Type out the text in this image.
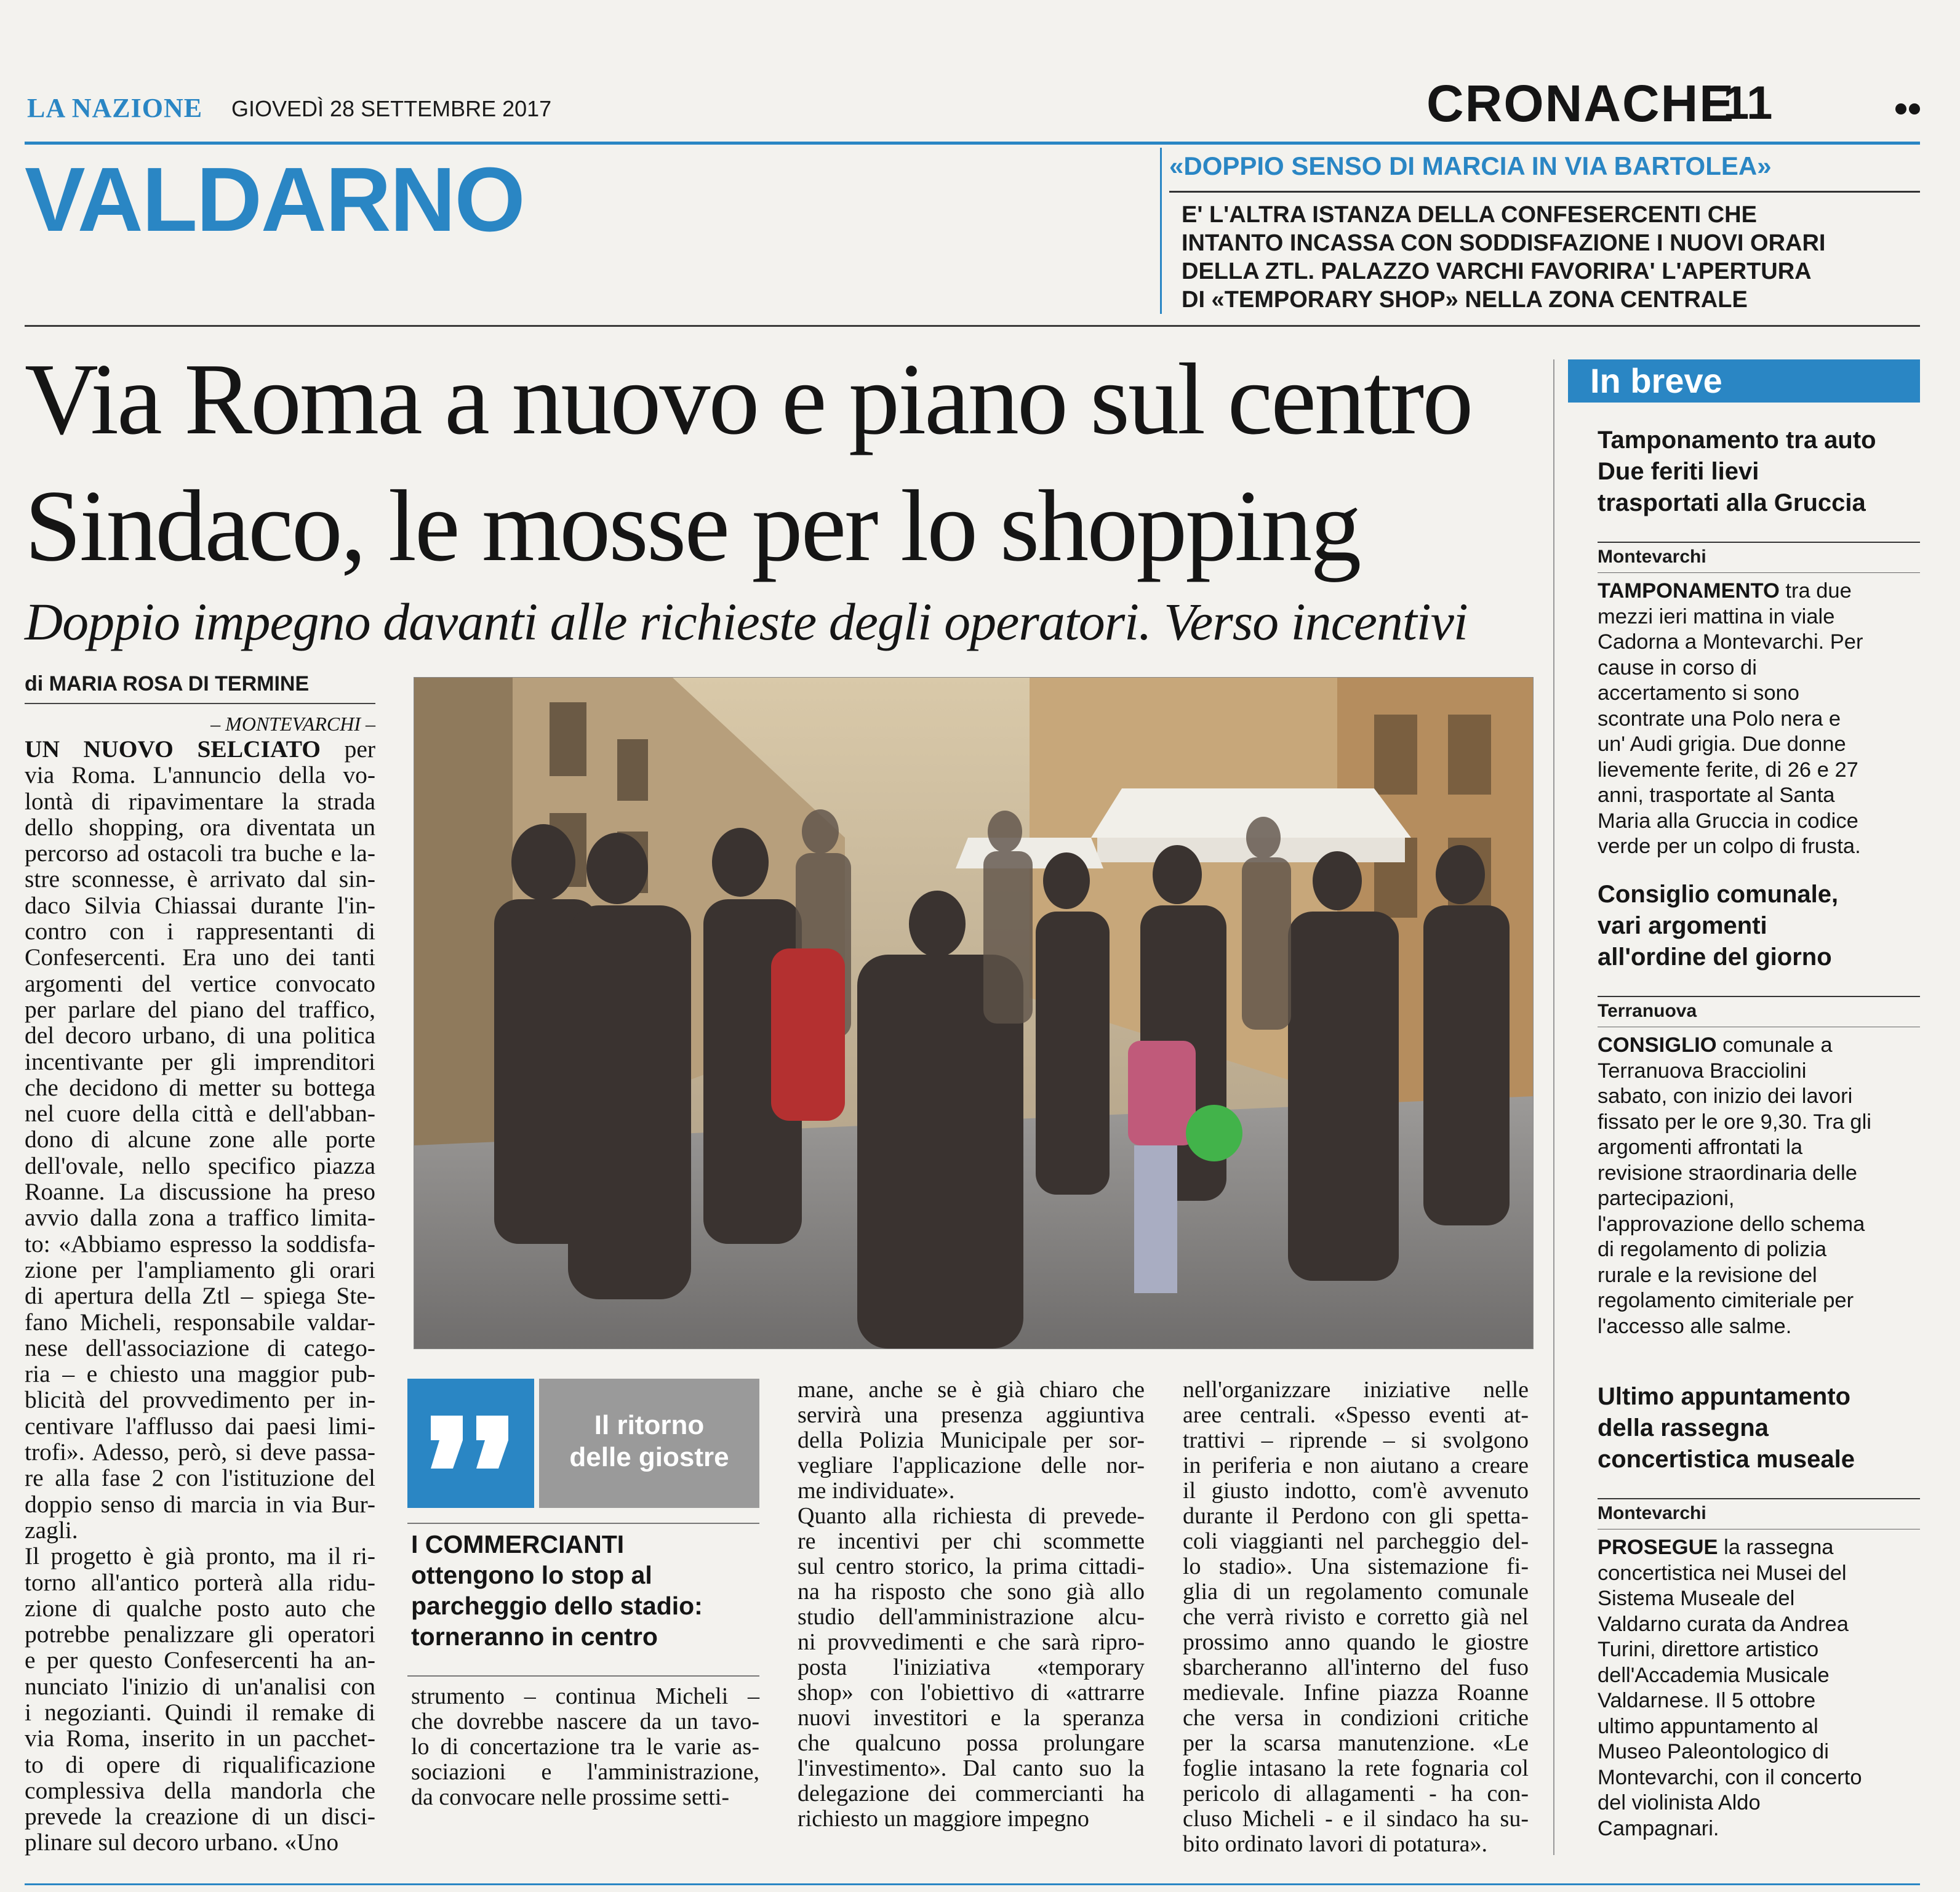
LA NAZIONE GIOVEDÌ 28 SETTEMBRE 2017	CRONACHE
11
VALDARNO	«DOPPIO SENSO DI MARCIA IN VIA BARTOLEA»
E' L'ALTRA ISTANZA DELLA CONFESERCENTI CHE
INTANTO INCASSA CON SODDISFAZIONE I NUOVI ORARI
DELLA ZTL. PALAZZO VARCHI FAVORIRA' L'APERTURA
DI «TEMPORARY SHOP» NELLA ZONA CENTRALE
Via Roma a nuovo e piano sul centro
Sindaco, le mosse per lo shopping
Doppio impegno davanti alle richieste degli operatori. Verso incentivi
di MARIA ROSA DI TERMINE
– MONTEVARCHI –
UN NUOVO SELCIATO per
via Roma. L'annuncio della vo-
lontà di ripavimentare la strada
dello shopping, ora diventata un
percorso ad ostacoli tra buche e la-
stre sconnesse, è arrivato dal sin-
daco Silvia Chiassai durante l'in-
contro con i rappresentanti di
Confesercenti. Era uno dei tanti
argomenti del vertice convocato
per parlare del piano del traffico,
del decoro urbano, di una politica
incentivante per gli imprenditori
che decidono di metter su bottega
nel cuore della città e dell'abban-
dono di alcune zone alle porte
dell'ovale, nello specifico piazza
Roanne. La discussione ha preso
avvio dalla zona a traffico limita-
to: «Abbiamo espresso la soddisfa-
zione per l'ampliamento gli orari
di apertura della Ztl – spiega Ste-
fano Micheli, responsabile valdar-
nese dell'associazione di catego-
ria – e chiesto una maggior pub-
blicità del provvedimento per in-
centivare l'afflusso dai paesi limi-
trofi». Adesso, però, si deve passa-
re alla fase 2 con l'istituzione del
doppio senso di marcia in via Bur-
zagli.
Il progetto è già pronto, ma il ri-
torno all'antico porterà alla ridu-
zione di qualche posto auto che
potrebbe penalizzare gli operatori
e per questo Confesercenti ha an-
nunciato l'inizio di un'analisi con
i negozianti. Quindi il remake di
via Roma, inserito in un pacchet-
to di opere di riqualificazione
complessiva della mandorla che
prevede la creazione di un disci-
plinare sul decoro urbano. «Uno
Il ritorno
delle giostre
I COMMERCIANTI
ottengono lo stop al
parcheggio dello stadio:
torneranno in centro
strumento – continua Micheli –
che dovrebbe nascere da un tavo-
lo di concertazione tra le varie as-
sociazioni e l'amministrazione,
da convocare nelle prossime setti-
mane, anche se è già chiaro che
servirà una presenza aggiuntiva
della Polizia Municipale per sor-
vegliare l'applicazione delle nor-
me individuate».
Quanto alla richiesta di prevede-
re incentivi per chi scommette
sul centro storico, la prima cittadi-
na ha risposto che sono già allo
studio dell'amministrazione alcu-
ni provvedimenti e che sarà ripro-
posta l'iniziativa «temporary
shop» con l'obiettivo di «attrarre
nuovi investitori e la speranza
che qualcuno possa prolungare
l'investimento». Dal canto suo la
delegazione dei commercianti ha
richiesto un maggiore impegno
nell'organizzare iniziative nelle
aree centrali. «Spesso eventi at-
trattivi – riprende – si svolgono
in periferia e non aiutano a creare
il giusto indotto, com'è avvenuto
durante il Perdono con gli spetta-
coli viaggianti nel parcheggio del-
lo stadio». Una sistemazione fi-
glia di un regolamento comunale
che verrà rivisto e corretto già nel
prossimo anno quando le giostre
sbarcheranno all'interno del fuso
medievale. Infine piazza Roanne
che versa in condizioni critiche
per la scarsa manutenzione. «Le
foglie intasano la rete fognaria col
pericolo di allagamenti - ha con-
cluso Micheli - e il sindaco ha su-
bito ordinato lavori di potatura».
In breve
Tamponamento tra auto
Due feriti lievi
trasportati alla Gruccia
Montevarchi
TAMPONAMENTO tra due
mezzi ieri mattina in viale
Cadorna a Montevarchi. Per
cause in corso di
accertamento si sono
scontrate una Polo nera e
un' Audi grigia. Due donne
lievemente ferite, di 26 e 27
anni, trasportate al Santa
Maria alla Gruccia in codice
verde per un colpo di frusta.
Consiglio comunale,
vari argomenti
all'ordine del giorno
Terranuova
CONSIGLIO comunale a
Terranuova Bracciolini
sabato, con inizio dei lavori
fissato per le ore 9,30. Tra gli
argomenti affrontati la
revisione straordinaria delle
partecipazioni,
l'approvazione dello schema
di regolamento di polizia
rurale e la revisione del
regolamento cimiteriale per
l'accesso alle salme.
Ultimo appuntamento
della rassegna
concertistica museale
Montevarchi
PROSEGUE la rassegna
concertistica nei Musei del
Sistema Museale del
Valdarno curata da Andrea
Turini, direttore artistico
dell'Accademia Musicale
Valdarnese. Il 5 ottobre
ultimo appuntamento al
Museo Paleontologico di
Montevarchi, con il concerto
del violinista Aldo
Campagnari.
